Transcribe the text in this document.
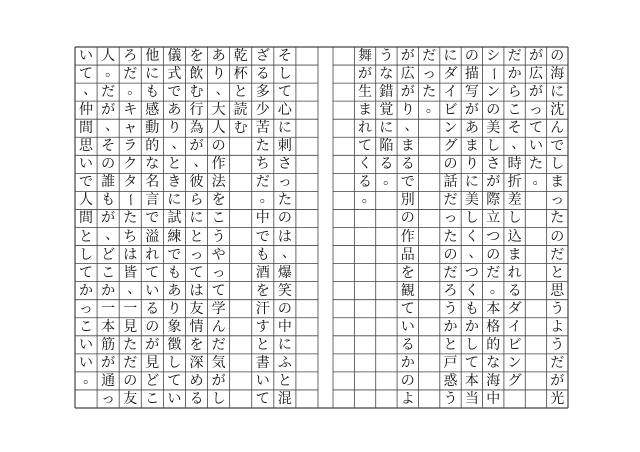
の
海
に
沈
ん
で
し
ま
っ
た
の
だ
と
思
う
よ
う
だ
が
光
が
広
が
っ
て
い
た
。
だ
か
ら
こ
そ
、
時
折
差
し
込
ま
れ
る
ダ
イ
ビ
ン
グ
シ
ー
ン
の
美
し
さ
が
際
立
つ
の
だ
。
本
格
的
な
海
中
の
描
写
が
あ
ま
り
に
美
し
く
、
つ
く
も
か
し
て
本
当
に
ダ
イ
ビ
ン
グ
の
話
だ
っ
た
の
だ
ろ
う
か
と
戸
惑
う
だ
っ
た
。
が
広
が
り
、
ま
る
で
別
の
作
品
を
観
て
い
る
か
の
よ
う
な
錯
覚
に
陥
る
。
舞
が
生
ま
れ
て
く
る
。
そ
し
て
心
に
刺
さ
っ
た
の
は
、
爆
笑
の
中
に
ふ
と
混
ざ
る
多
少
苦
た
ち
だ
。
中
で
も
酒
を
汗
す
と
書
い
て
乾
杯
と
読
む
あ
り
、
大
人
の
作
法
を
こ
う
や
っ
て
学
ん
だ
気
が
し
を
飲
む
行
為
が
、
彼
ら
に
と
っ
て
は
友
情
を
深
め
る
儀
式
で
あ
り
、
と
き
に
試
練
で
も
あ
り
象
徴
し
て
い
他
に
も
感
動
的
な
名
言
で
溢
れ
て
い
る
の
が
見
ど
こ
ろ
だ
。
キ
ャ
ラ
ク
タ
ー
た
ち
は
皆
、
一
見
た
だ
の
友
人
。
だ
が
、
そ
の
誰
も
が
、
ど
こ
か
一
本
筋
が
通
っ
い
て
、
仲
間
思
い
で
人
間
と
し
て
か
っ
こ
い
い
。
